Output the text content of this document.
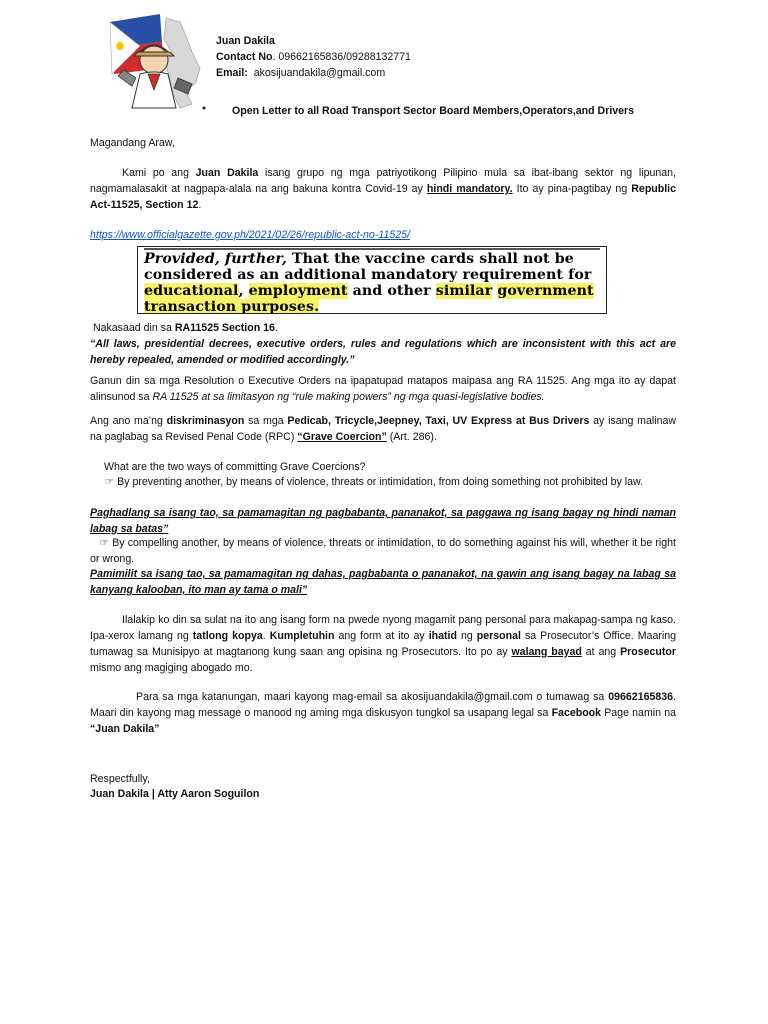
Juan Dakila
Contact No. 09662165836/09288132771
Email: akosijuandakila@gmail.com
Open Letter to all Road Transport Sector Board Members,Operators,and Drivers
Magandang Araw,
Kami po ang Juan Dakila isang grupo ng mga patriyotikong Pilipino mula sa ibat-ibang sektor ng lipunan, nagmamalasakit at nagpapa-alala na ang bakuna kontra Covid-19 ay hindi mandatory. Ito ay pina-pagtibay ng Republic Act-11525, Section 12.
https://www.officialgazette.gov.ph/2021/02/26/republic-act-no-11525/
Provided, further, That the vaccine cards shall not be
considered as an additional mandatory requirement for
educational, employment and other similar government
transaction purposes.
Nakasaad din sa RA11525 Section 16.
“All laws, presidential decrees, executive orders, rules and regulations which are inconsistent with this act are hereby repealed, amended or modified accordingly.”
Ganun din sa mga Resolution o Executive Orders na ipapatupad matapos maipasa ang RA 11525. Ang mga ito ay dapat alinsunod sa RA 11525 at sa limitasyon ng “rule making powers” ng mga quasi-legislative bodies.
Ang ano ma’ng diskriminasyon sa mga Pedicab, Tricycle,Jeepney, Taxi, UV Express at Bus Drivers ay isang malinaw na paglabag sa Revised Penal Code (RPC) “Grave Coercion” (Art. 286).
What are the two ways of committing Grave Coercions?
☞ By preventing another, by means of violence, threats or intimidation, from doing something not prohibited by law.
Paghadlang sa isang tao, sa pamamagitan ng pagbabanta, pananakot, sa paggawa ng isang bagay ng hindi naman labag sa batas”
☞ By compelling another, by means of violence, threats or intimidation, to do something against his will, whether it be right or wrong.
Pamimilit sa isang tao, sa pamamagitan ng dahas, pagbabanta o pananakot, na gawin ang isang bagay na labag sa kanyang kalooban, ito man ay tama o mali”
Ilalakip ko din sa sulat na ito ang isang form na pwede nyong magamit pang personal para makapag-sampa ng kaso. Ipa-xerox lamang ng tatlong kopya. Kumpletuhin ang form at ito ay ihatid ng personal sa Prosecutor’s Office. Maaring tumawag sa Munisipyo at magtanong kung saan ang opisina ng Prosecutors. Ito po ay walang bayad at ang Prosecutor mismo ang magiging abogado mo.
Para sa mga katanungan, maari kayong mag-email sa akosijuandakila@gmail.com o tumawag sa 09662165836. Maari din kayong mag message o manood ng aming mga diskusyon tungkol sa usapang legal sa Facebook Page namin na “Juan Dakila”
Respectfully,
Juan Dakila | Atty Aaron Soguilon
